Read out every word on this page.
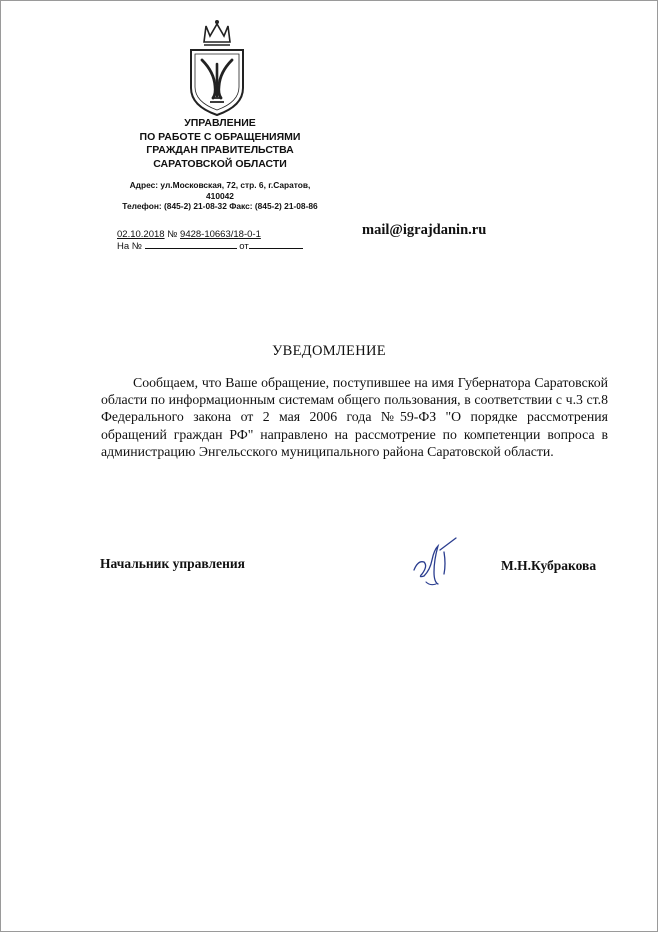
УПРАВЛЕНИЕ
ПО РАБОТЕ С ОБРАЩЕНИЯМИ
ГРАЖДАН ПРАВИТЕЛЬСТВА
САРАТОВСКОЙ ОБЛАСТИ
Адрес: ул.Московская, 72, стр. 6, г.Саратов,
410042
Телефон: (845-2) 21-08-32 Факс: (845-2) 21-08-86
02.10.2018 № 9428-10663/18-0-1
На №	от
mail@igrajdanin.ru
УВЕДОМЛЕНИЕ
Сообщаем, что Ваше обращение, поступившее на имя Губернатора Саратовской области по информационным системам общего пользования, в соответствии с ч.3 ст.8 Федерального закона от 2 мая 2006 года №59-ФЗ "О порядке рассмотрения обращений граждан РФ" направлено на рассмотрение по компетенции вопроса в администрацию Энгельсского муниципального района Саратовской области.
Начальник управления	М.Н.Кубракова
